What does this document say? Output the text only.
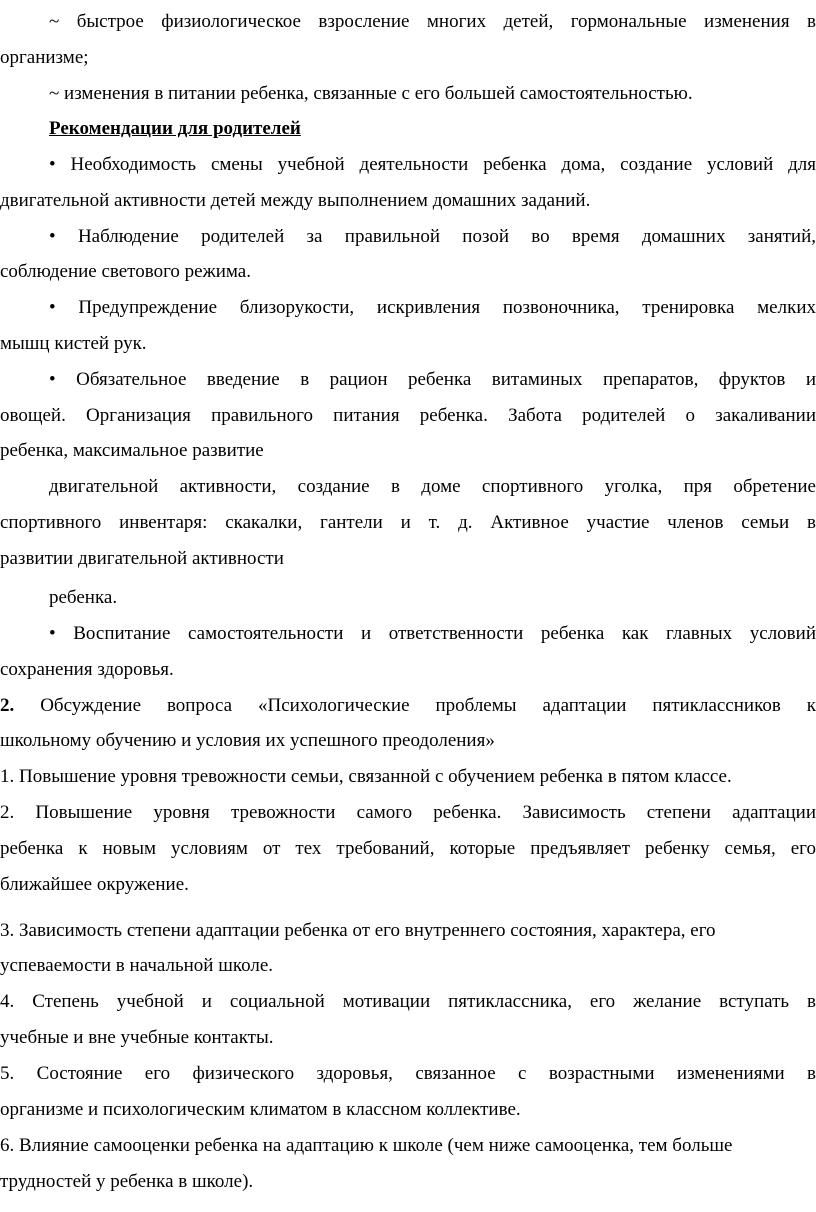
~ быстрое физиологическое взросление многих детей, гормональные изменения в
организме;
~ изменения в питании ребенка, связанные с его большей самостоятельностью.
Рекомендации для родителей
• Необходимость смены учебной деятельности ребенка дома, создание условий для
двигательной активности детей между выполнением домашних заданий.
• Наблюдение родителей за правильной позой во время домашних занятий,
соблюдение светового режима.
• Предупреждение близорукости, искривления позвоночника, тренировка мелких
мышц кистей рук.
• Обязательное введение в рацион ребенка витаминых препаратов, фруктов и
овощей. Организация правильного питания ребенка. Забота родителей о закаливании
ребенка, максимальное развитие
двигательной активности, создание в доме спортивного уголка, пря обретение
спортивного инвентаря: скакалки, гантели и т. д. Активное участие членов семьи в
развитии двигательной активности
ребенка.
• Воспитание самостоятельности и ответственности ребенка как главных условий
сохранения здоровья.
2. Обсуждение вопроса «Психологические проблемы адаптации пятиклассников к
школьному обучению и условия их успешного преодоления»
1. Повышение уровня тревожности семьи, связанной с обучением ребенка в пятом классе.
2. Повышение уровня тревожности самого ребенка. Зависимость степени адаптации
ребенка к новым условиям от тех требований, которые предъявляет ребенку семья, его
ближайшее окружение.
3. Зависимость степени адаптации ребенка от его внутреннего состояния, характера, его
успеваемости в начальной школе.
4. Степень учебной и социальной мотивации пятиклассника, его желание вступать в
учебные и вне учебные контакты.
5. Состояние его физического здоровья, связанное с возрастными изменениями в
организме и психологическим климатом в классном коллективе.
6. Влияние самооценки ребенка на адаптацию к школе (чем ниже самооценка, тем больше
трудностей у ребенка в школе).
